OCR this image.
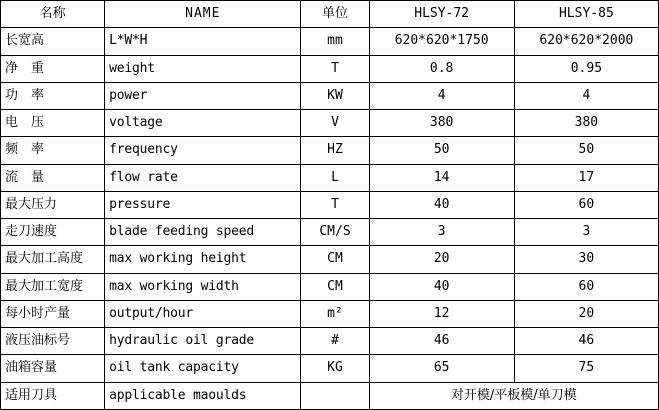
名称	NAME	单位	HLSY-72	HLSY-85
长宽高	L*W*H	mm	620*620*1750	620*620*2000
净　重	weight	T	0.8	0.95
功　率	power	KW	4	4
电　压	voltage	V	380	380
频　率	frequency	HZ	50	50
流　量	flow rate	L	14	17
最大压力	pressure	T	40	60
走刀速度	blade feeding speed	CM/S	3	3
最大加工高度	max working height	CM	20	30
最大加工宽度	max working width	CM	40	60
每小时产量	output/hour	m²	12	20
液压油标号	hydraulic oil grade	#	46	46
油箱容量	oil tank capacity	KG	65	75
适用刀具	applicable maoulds		对开模/平板模/单刀模	
